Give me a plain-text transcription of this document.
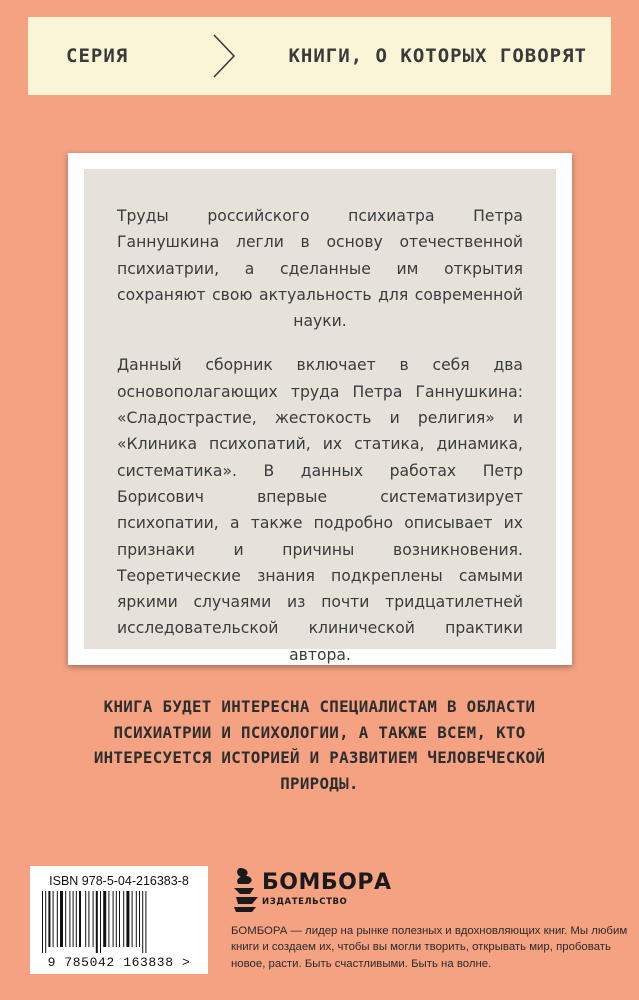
СЕРИЯ	КНИГИ, О КОТОРЫХ ГОВОРЯТ

Труды российского психиатра Петра Ганнушкина легли в основу отечественной психиатрии, а сделанные им открытия сохраняют свою актуальность для современной науки.

Данный сборник включает в себя два основополагающих труда Петра Ганнушкина: «Сладострастие, жестокость и религия» и «Клиника психопатий, их статика, динамика, систематика». В данных работах Петр Борисович впервые систематизирует психопатии, а также подробно описывает их признаки и причины возникновения. Теоретические знания подкреплены самыми яркими случаями из почти тридцатилетней исследовательской клинической практики автора.

КНИГА БУДЕТ ИНТЕРЕСНА СПЕЦИАЛИСТАМ В ОБЛАСТИ ПСИХИАТРИИ И ПСИХОЛОГИИ, А ТАКЖЕ ВСЕМ, КТО ИНТЕРЕСУЕТСЯ ИСТОРИЕЙ И РАЗВИТИЕМ ЧЕЛОВЕЧЕСКОЙ ПРИРОДЫ.
ISBN 978-5-04-216383-8
9 785042 163838 >
БОМБОРА
ИЗДАТЕЛЬСТВО
БОМБОРА — лидер на рынке полезных и вдохновляющих книг. Мы любим книги и создаем их, чтобы вы могли творить, открывать мир, пробовать новое, расти. Быть счастливыми. Быть на волне.
